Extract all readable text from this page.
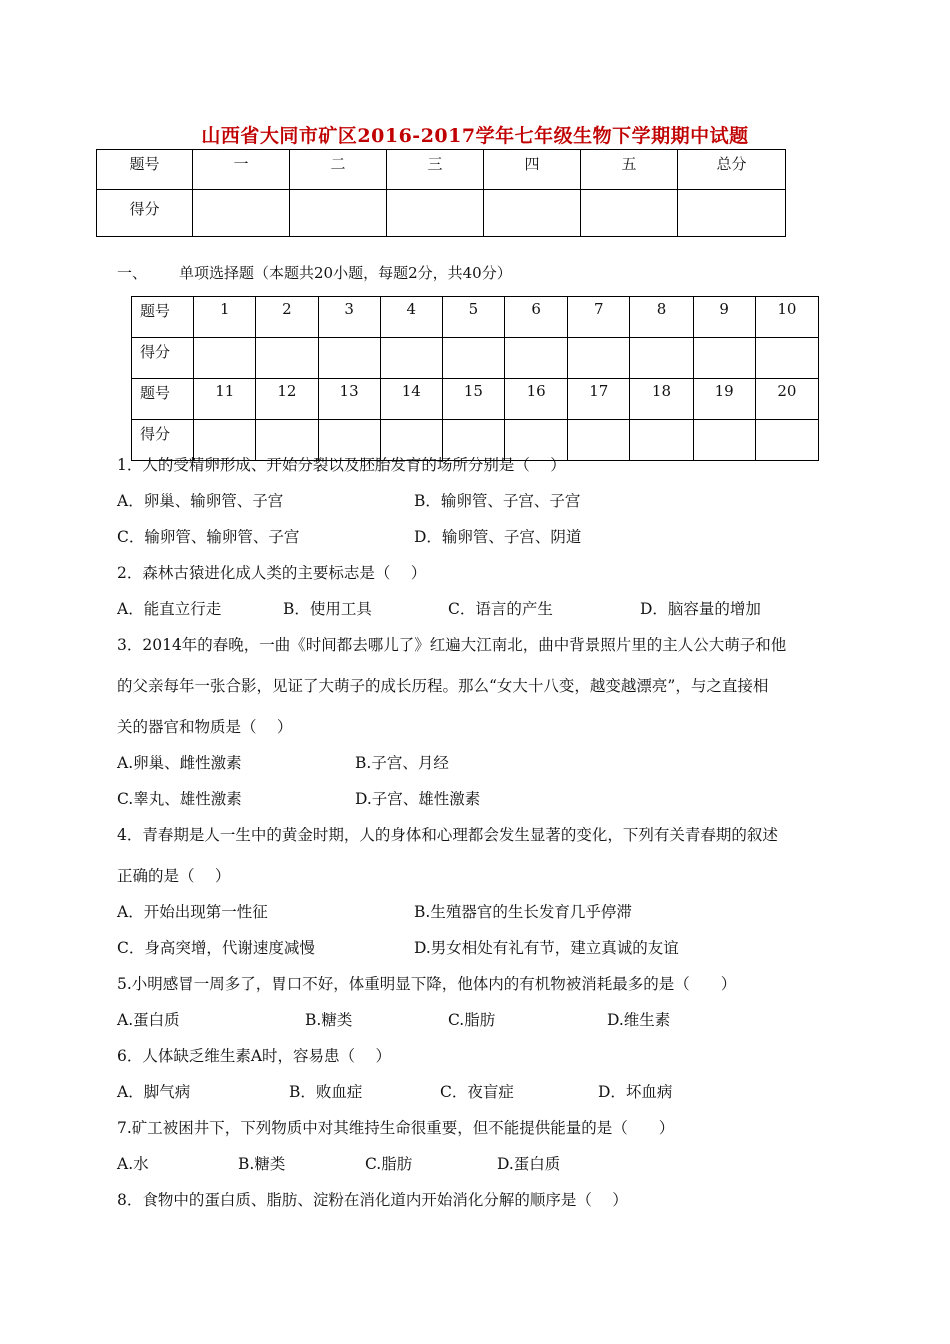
山西省大同市矿区2016-2017学年七年级生物下学期期中试题
题号	一	二	三	四	五	总分
得分						
一、 单项选择题（本题共20小题，每题2分，共40分）
题号	1	2	3	4	5	6	7	8	9	10
得分										
题号	11	12	13	14	15	16	17	18	19	20
得分										
1．人的受精卵形成、开始分裂以及胚胎发育的场所分别是（　 ）
A．卵巢、输卵管、子宫	B．输卵管、子宫、子宫
C．输卵管、输卵管、子宫	D．输卵管、子宫、阴道
2．森林古猿进化成人类的主要标志是（　 ）
A．能直立行走	B．使用工具	C．语言的产生	D．脑容量的增加
3．2014年的春晚，一曲《时间都去哪儿了》红遍大江南北，曲中背景照片里的主人公大萌子和他
的父亲每年一张合影，见证了大萌子的成长历程。那么“女大十八变，越变越漂亮”，与之直接相
关的器官和物质是（　 ）
A.卵巢、雌性激素	B.子宫、月经
C.睾丸、雄性激素	D.子宫、雄性激素
4．青春期是人一生中的黄金时期，人的身体和心理都会发生显著的变化，下列有关青春期的叙述
正确的是（　 ）
A．开始出现第一性征	B.生殖器官的生长发育几乎停滞
C．身高突增，代谢速度减慢	D.男女相处有礼有节，建立真诚的友谊
5.小明感冒一周多了，胃口不好，体重明显下降，他体内的有机物被消耗最多的是（　　）
A.蛋白质	B.糖类	C.脂肪	D.维生素
6．人体缺乏维生素A时，容易患（　 ）
A．脚气病	B．败血症	C．夜盲症	D．坏血病
7.矿工被困井下，下列物质中对其维持生命很重要，但不能提供能量的是（　　）
A.水	B.糖类	C.脂肪	D.蛋白质
8．食物中的蛋白质、脂肪、淀粉在消化道内开始消化分解的顺序是（　 ）
